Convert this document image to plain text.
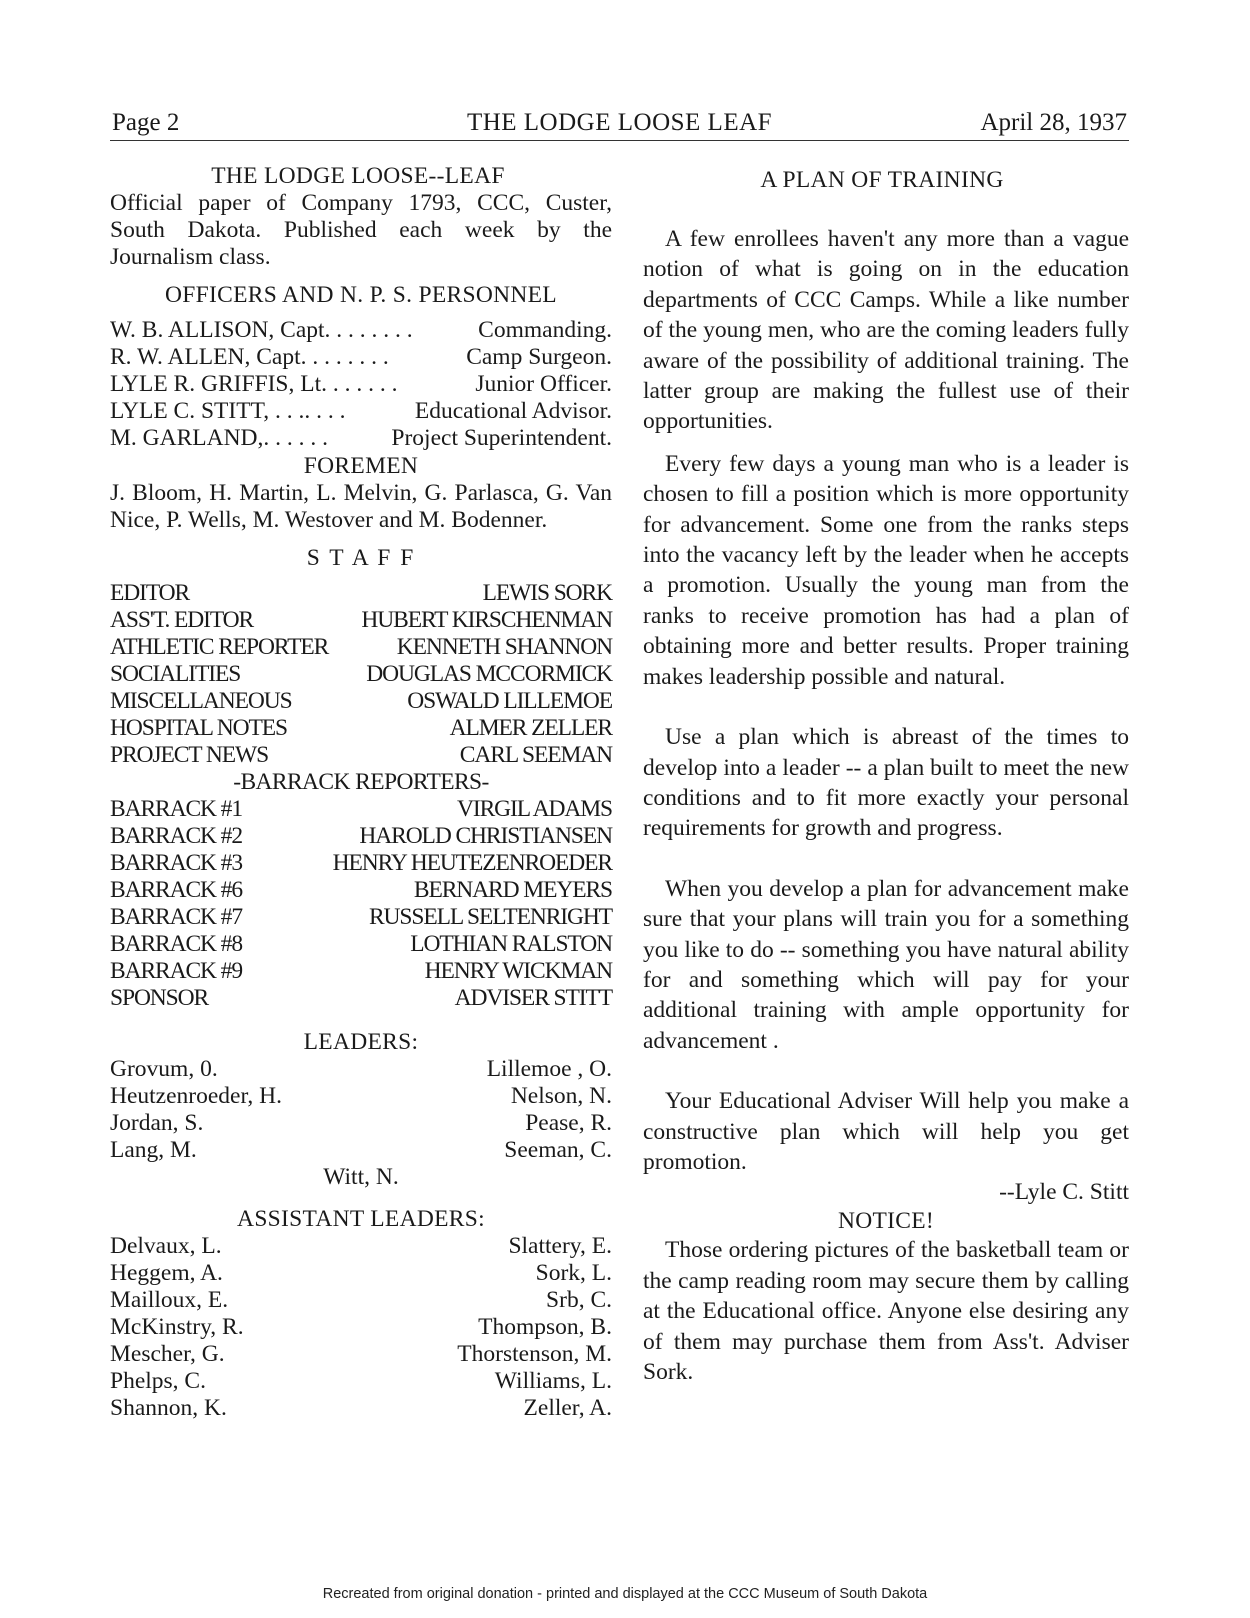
Page 2	THE LODGE LOOSE LEAF	April 28, 1937
THE LODGE LOOSE--LEAF
Official paper of Company 1793, CCC, Custer, South Dakota. Published each week by the Journalism class.
OFFICERS AND N. P. S. PERSONNEL
W. B. ALLISON, Capt. . . . . . . .	Commanding.
R. W. ALLEN, Capt. . . . . . . .	Camp Surgeon.
LYLE R. GRIFFIS, Lt. . . . . . .	Junior Officer.
LYLE C. STITT, . . .. . . .	Educational Advisor.
M. GARLAND,. . . . . .	Project Superintendent.
FOREMEN
J. Bloom, H. Martin, L. Melvin, G. Parlasca, G. Van Nice, P. Wells, M. Westover and M. Bodenner.
S T A F F
EDITOR	LEWIS SORK
ASS'T. EDITOR	HUBERT KIRSCHENMAN
ATHLETIC REPORTER	KENNETH SHANNON
SOCIALITIES	DOUGLAS MCCORMICK
MISCELLANEOUS	OSWALD LILLEMOE
HOSPITAL NOTES	ALMER ZELLER
PROJECT NEWS	CARL SEEMAN
-BARRACK REPORTERS-
BARRACK #1	VIRGIL ADAMS
BARRACK #2	HAROLD CHRISTIANSEN
BARRACK #3	HENRY HEUTEZENROEDER
BARRACK #6	BERNARD MEYERS
BARRACK #7	RUSSELL SELTENRIGHT
BARRACK #8	LOTHIAN RALSTON
BARRACK #9	HENRY WICKMAN
SPONSOR	ADVISER STITT
LEADERS:
Grovum, 0.	Lillemoe , O.
Heutzenroeder, H.	Nelson, N.
Jordan, S.	Pease, R.
Lang, M.	Seeman, C.
Witt, N.
ASSISTANT LEADERS:
Delvaux, L.	Slattery, E.
Heggem, A.	Sork, L.
Mailloux, E.	Srb, C.
McKinstry, R.	Thompson, B.
Mescher, G.	Thorstenson, M.
Phelps, C.	Williams, L.
Shannon, K.	Zeller, A.
A PLAN OF TRAINING
A few enrollees haven't any more than a vague notion of what is going on in the education departments of CCC Camps. While a like number of the young men, who are the coming leaders fully aware of the possibility of additional training. The latter group are making the fullest use of their opportunities.
Every few days a young man who is a leader is chosen to fill a position which is more opportunity for advancement. Some one from the ranks steps into the vacancy left by the leader when he accepts a promotion. Usually the young man from the ranks to receive promotion has had a plan of obtaining more and better results. Proper training makes leadership possible and natural.
Use a plan which is abreast of the times to develop into a leader -- a plan built to meet the new conditions and to fit more exactly your personal requirements for growth and progress.
When you develop a plan for advancement make sure that your plans will train you for a something you like to do -- something you have natural ability for and something which will pay for your additional training with ample opportunity for advancement .
Your Educational Adviser Will help you make a constructive plan which will help you get promotion.
--Lyle C. Stitt
NOTICE!
Those ordering pictures of the basketball team or the camp reading room may secure them by calling at the Educational office. Anyone else desiring any of them may purchase them from Ass't. Adviser Sork.
Recreated from original donation - printed and displayed at the CCC Museum of South Dakota
